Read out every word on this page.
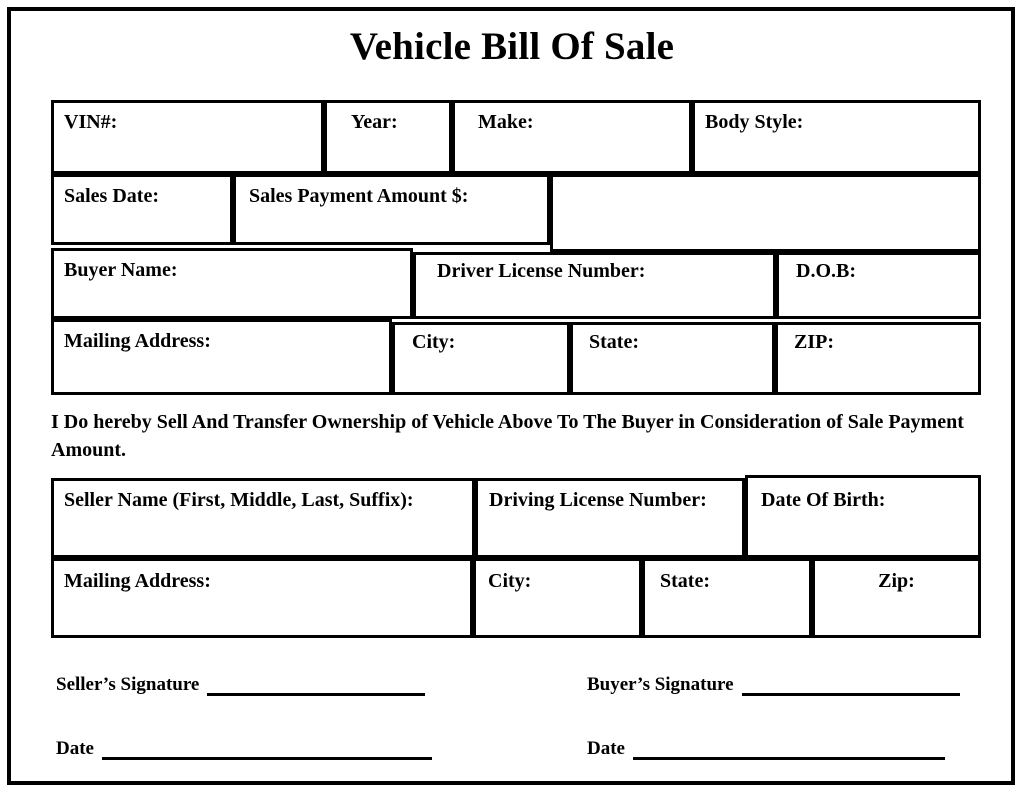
Vehicle Bill Of Sale
VIN#:	Year:	Make:	Body Style:
Sales Date:	Sales Payment Amount $:
Buyer Name:	Driver License Number:	D.O.B:
Mailing Address:	City:	State:	ZIP:
I Do hereby Sell And Transfer Ownership of Vehicle Above To The Buyer in Consideration of Sale Payment Amount.
Seller Name (First, Middle, Last, Suffix):	Driving License Number:	Date Of Birth:
Mailing Address:	City:	State:	Zip:
Seller’s Signature	Buyer’s Signature
Date	Date
